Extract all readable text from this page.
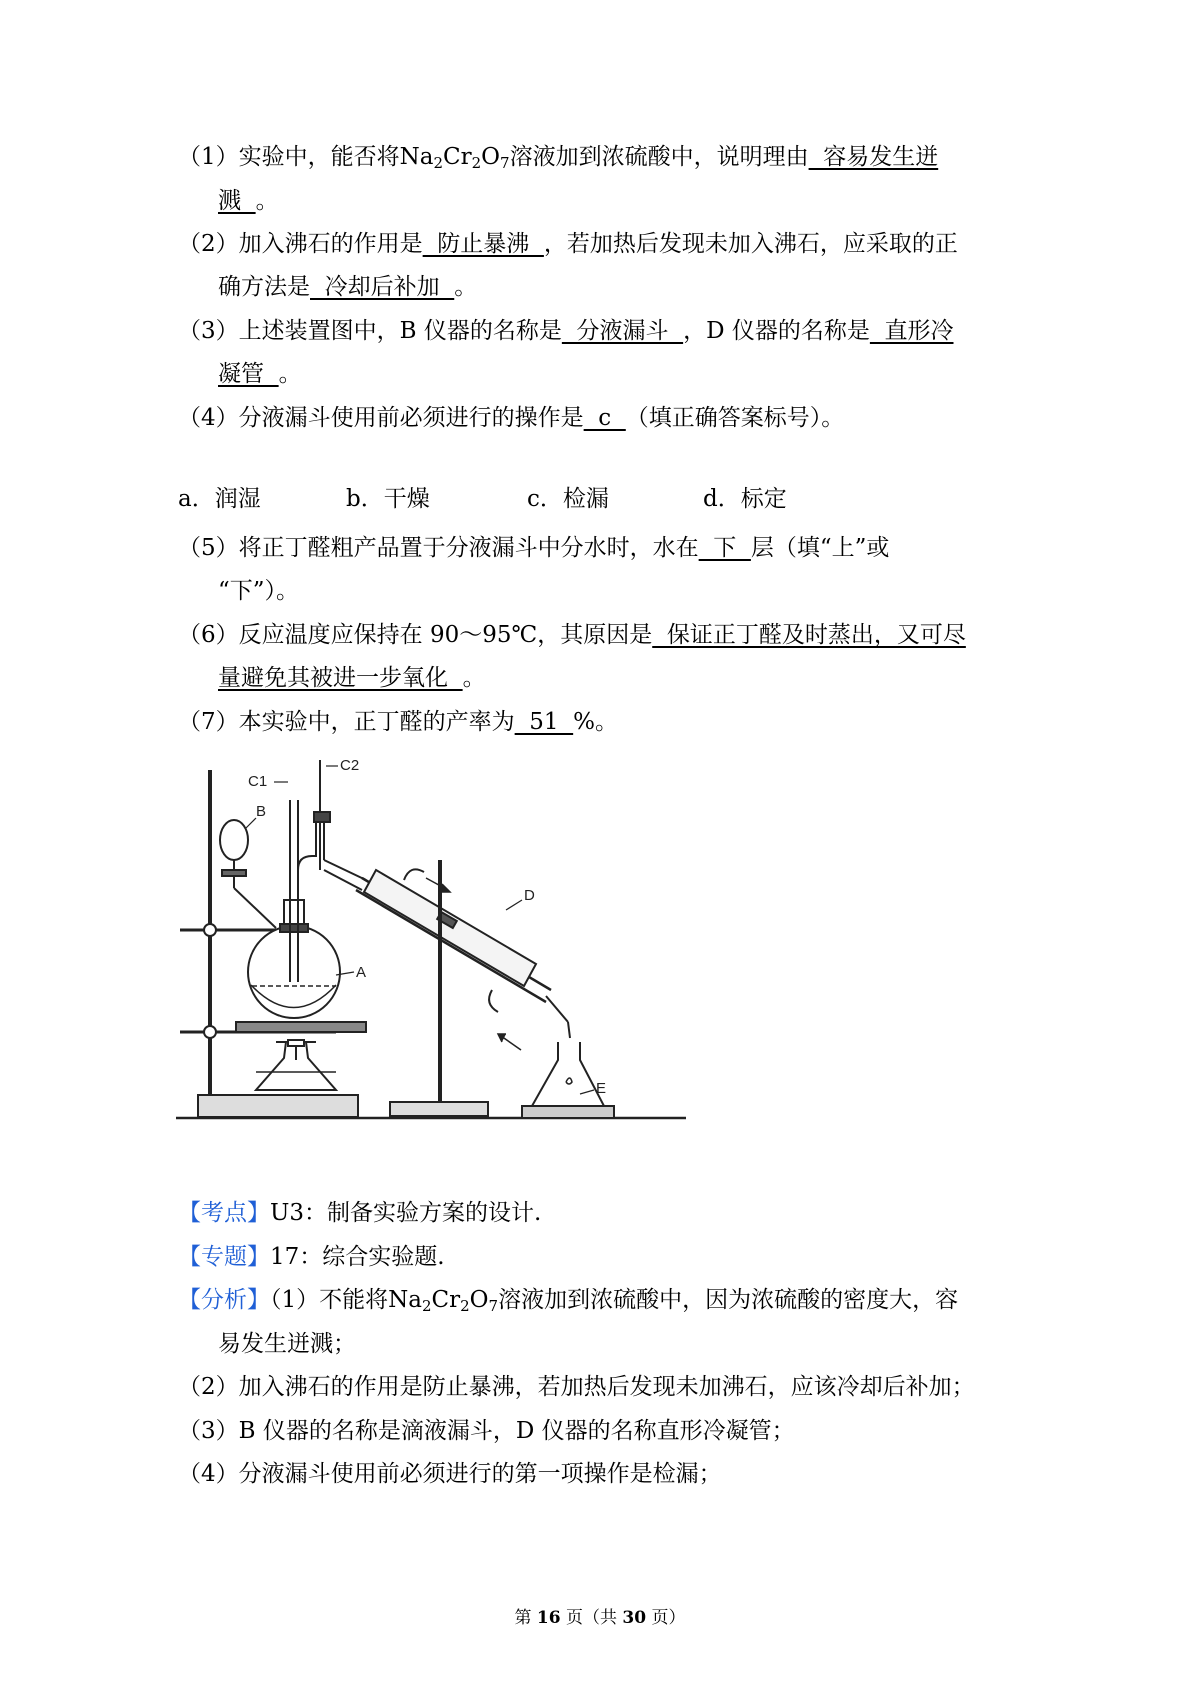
（1）实验中，能否将$Na_2Cr_2O_7$溶液加到浓硫酸中，说明理由  容易发生迸
溅  。
（2）加入沸石的作用是  防止暴沸  ，若加热后发现未加入沸石，应采取的正
确方法是  冷却后补加  。
（3）上述装置图中，B 仪器的名称是  分液漏斗  ，D 仪器的名称是  直形冷
凝管  。
（4）分液漏斗使用前必须进行的操作是  c  （填正确答案标号）。
a．润湿	b．干燥	c．检漏	d．标定
（5）将正丁醛粗产品置于分液漏斗中分水时，水在  下  层（填“上”或
“下”）。
（6）反应温度应保持在 90～95℃，其原因是  保证正丁醛及时蒸出，又可尽
量避免其被进一步氧化  。
（7）本实验中，正丁醛的产率为  51  %。
C1
C2
B
A
D
E
【考点】U3：制备实验方案的设计.
【专题】17：综合实验题.
【分析】（1）不能将$Na_2Cr_2O_7$溶液加到浓硫酸中，因为浓硫酸的密度大，容
易发生迸溅；
（2）加入沸石的作用是防止暴沸，若加热后发现未加沸石，应该冷却后补加；
（3）B 仪器的名称是滴液漏斗，D 仪器的名称直形冷凝管；
（4）分液漏斗使用前必须进行的第一项操作是检漏；
第 16 页（共 30 页）
